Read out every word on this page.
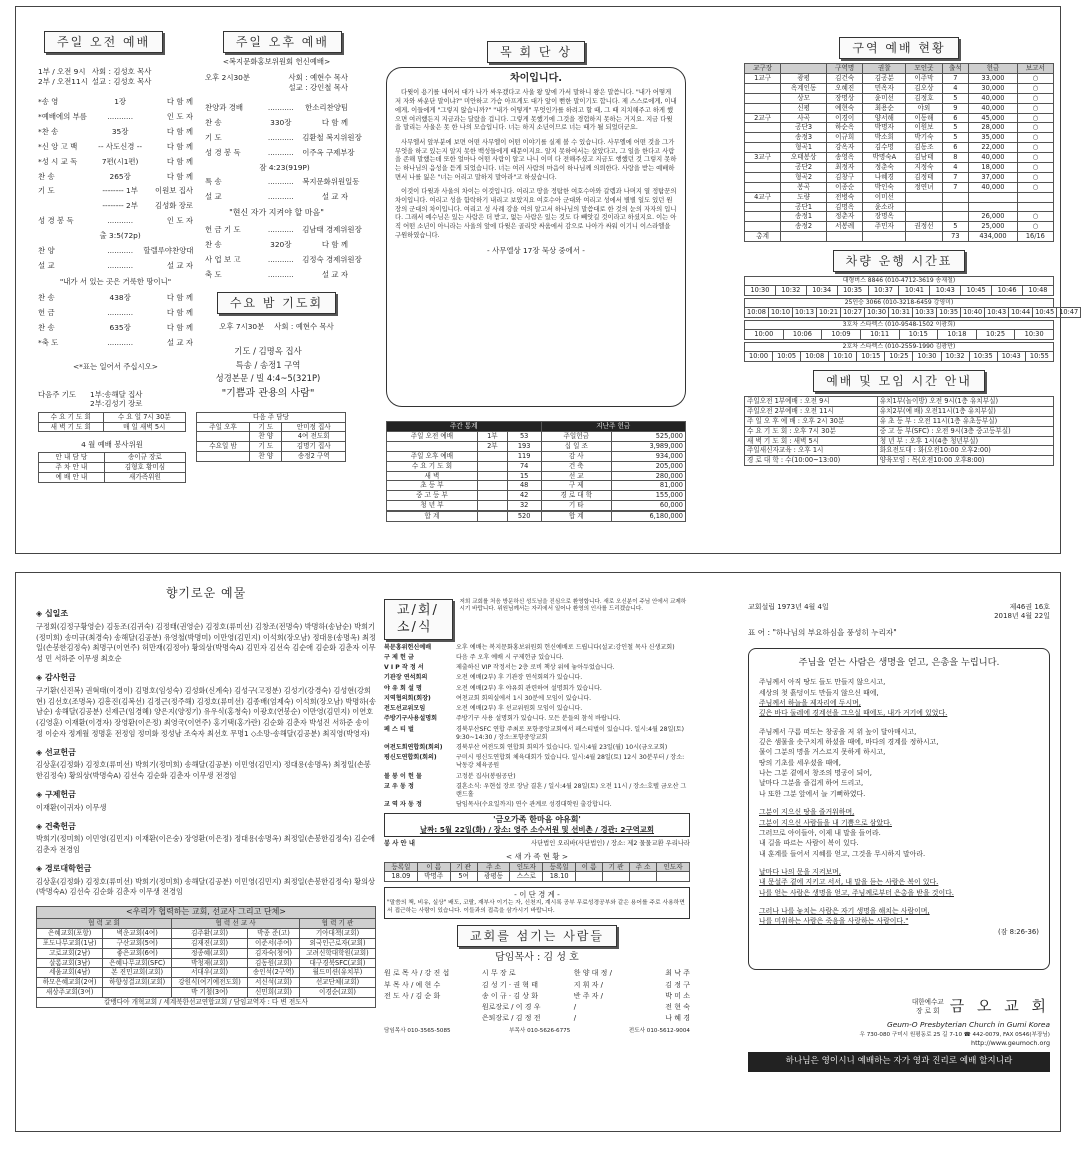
주일 오전 예배	주일 오후 예배
1부 / 오전 9시
2부 / 오전11시
사회 : 김성호 목사
설교 : 김성호 목사
*송 영	1장	다 함 께
*예배에의 부름	...........	인 도 자
*찬 송	35장	다 함 께
*신 앙 고 백	-- 사도신경 --	다 함 께
*성 시 교 독	7편(시1편)	다 함 께
찬 송	265장	다 함 께
기 도	-------- 1부	이원보 집사
-------- 2부	김성화 장로
성 경 봉 독	...........	인 도 자
출 3:5(72p)
찬 양	...........	할렐루야찬양대
설 교	...........	설 교 자
"내가 서 있는 곳은 거룩한 땅이니"
찬 송	438장	다 함 께
헌 금	...........	다 함 께
찬 송	635장	다 함 께
*축 도	...........	설 교 자
<*표는 일어서 주십시오>
다음주 기도 1부:송해달 집사
2부:김성기 장로
<복지문화홍보위원회 헌신예배>
오후 2시30분	사회 : 예현수 목사
설교 : 강인철 목사
찬양과 경배	...........	한소리찬양팀
찬 송	330장	다 함 께
기 도	...........	김환철 복지위원장
성 경 봉 독	...........	이주옥 구제부장
잠 4:23(919P)
특 송	...........	복지문화위원일동
설 교	...........	설 교 자
"현신 자가 지켜야 할 마음"
헌 금 기 도	...........	김남태 경제위원장
찬 송	320장	다 함 께
사 업 보 고	...........	김정숙 경제위원장
축 도	...........	설 교 자
수요 밤 기도회
오후 7시30분 사회 : 예현수 목사
기도 / 김명옥 집사
특송 / 송정1 구역
성경본문 / 빌 4:4~5(321P)
"기쁨과 관용의 사람"
수 요 기 도 회	수 요 일 7시 30분
새 벽 기 도 회	매 일 새벽 5시
4 월 예배 봉사위원
안 내 담 당	송이규 장로
주 차 안 내	김형호 황미심
예 배 안 내	새가족위원
다음 주 담당		
주일 오후	기 도	안미정 집사
	찬 양	4여 전도회
수요일 밤	기 도	김명기 집사
	찬 양	송정2 구역
목 회 단 상
차이입니다.

다윗이 용기를 내어서 대가 나가 싸우겠다고 사울 왕 앞에 가서 말하니 왕은 말씀니다. "내가 어떻게 저 자와 싸운단 말이냐?" 미안하고 가슴 아프게도 대가 앞이 뻔한 말이기도 합니다. 제 스스로에게, 이내에게, 이들에게 "그렇지 않습니까?" "내가 어떻게" 무엇인가를 하려고 할 때, 그 때 지치해주고 하게 했으면 여러했든지 지금과는 달랐을 겁니다. 그렇게 못했기에 그것을 경험하지 못하는 거지요. 지금 다윗을 말리는 사울은 못 한 나의 모습입니다. 너는 하지 소년이므로 너는 때가 될 되었더군요.

사무엘서 앞부분에 보면 어떤 사무엘이 어떤 이야기를 실제 볼 수 있습니다. 사무엘에 어떤 것을 그가 무엇을 하고 있는지 알지 못한 백성들에게 때문이지요. 알지 못하여서는 살았다고, 그 일을 한다고 사람을 존해 말했는데 또한 얼마나 어떤 사람이 알고 나니 이미 다 전해주셨고 지금도 행했던 것 그렇지 못하는 하나님의 음성을 듣게 되었습니다. 너는 여러 사람의 마음이 하나님께 의뢰한다. 사랑을 받는 예배하면서 나를 잃은 "너는 어리고 말하지 말아라"고 하셨습니다.

이것이 다윗과 사울의 차이는 이것입니다. 여리고 땅을 정탐한 여호수아와 갈렙과 나머지 열 정탐꾼의 차이입니다. 여리고 성을 함락하기 내리고 보았지요 여호수아 군대와 여리고 성에서 별별 일도 있던 원장의 군대의 차이입니다. 여리고 성 사례 강을 여의 알고서 하나님의 말씀대로 한 것의 눈의 자자의 입니다. 그래서 예수님은 있는 사람은 더 받고, 없는 사람은 있는 것도 다 빼앗길 것이라고 하셨지요. 이는 아직 어떤 소년이 아니라는 사울의 앞에 다윗은 골리앗 싸움에서 감으로 나아가 싸워 이기니 이스라엘을 구원하였습니다.

- 사무엘상 17장 묵상 중에서 -
주간 통계			지난주 헌금	
주일 오전 예배	1부	53	주일헌금	525,000
	2부	193	십 일 조	3,989,000
주일 오후 예배		119	감 사	934,000
수 요 기 도 회		74	건 축	205,000
새 벽		15	선 교	280,000
초 등 부		48	구 제	81,000
중 고 등 부		42	경 로 대 학	155,000
청 년 부		32	기 타	60,000

합 계		520	합 계	6,180,000
구역 예배 현황
교구장		구역명	권찰	모인곳	출석	헌금	보고서
1교구	광평	김건숙	김공분	이주막	7	33,000	○
	옥계인동	오혜진	민옥자	김오상	4	30,000	○
	상모	장명상	윤미선	김정호	5	40,000	○
	신평	예현숙	최용순	야외	9	40,000	○
2교구	사곡	이경이	양서해	이동해	6	45,000	○
	공단3	하순옥	박명자	이원보	5	28,000	○
	송정3	이규희	박소희	박기숙	5	35,000	○
	형곡1	강옥자	김수명	김동조	6	22,000	○
3교구	오태봉상	송영옥	박명숙A	김남태	8	40,000	○
	공단2	최정자	정춘숙	지정숙	4	18,000	○
	형곡2	김창구	나혜경	김정태	7	37,000	○
	봉곡	이종순	박인숙	정연녀	7	40,000	○
4교구	도량	전병숙	이미선				
	공단1	김명옥	윤소라				
	송정1	정춘자	장명옥			26,000	○
	송정2	서봉례	주민자	권정선	5	25,000	○
총계					73	434,000	16/16
차량 운행 시간표
대형버스 8846 (010-4712-3619 송재철)
10:30	10:32	10:34	10:35	10:37	10:41	10:43	10:45	10:46	10:48
25인승 3066 (010-3218-6459 강영미)
10:08	10:10	10:13	10:21	10:27	10:30	10:31	10:33	10:35	10:40	10:43	10:44	10:45	10:47
3호차 스타렉스 (010-9548-1502 이광희)
10:00	10:06	10:09	10:11	10:15	10:18	10:25	10:30
2호차 스타렉스 (010-2559-1990 김광만)
10:00	10:05	10:08	10:10	10:15	10:25	10:30	10:32	10:35	10:43	10:55
예배 및 모임 시간 안내
주일오전 1부예배 : 오전 9시	유치1부(놀이방) 오전 9시(1층 유치부실)
주일오전 2부예배 : 오전 11시	유치2부(예 배) 오전11시(1층 유치부실)
주 일 오 후 예 배 : 오후 2시 30분	유 초 등 부 : 오전 11시(1층 유초등부실)
수 요 기 도 회 : 오후 7시 30분	중 고 등 부(SFC) : 오전 9시(3층 중고등부실)
새 벽 기 도 회 : 새벽 5시	청 년 부 : 오후 1시(4층 청년부실)
주일새신자교육 : 오후 1시	화요전도대 : 화(오전10:00 오후2:00)
경 로 대 학 : 수(10:00~13:00)	양육모임 : 목(오전10:00 오후8:00)
향기로운 예물
◈ 십일조
구정회(김정구황영순) 김동조(김귀숙) 김정태(권영순) 김정호(류미선) 김창조(전명숙) 박명하(송남순) 박희기(정미희) 송미규(최경숙) 송해달(김공분) 유영철(박명미) 이만영(김민지) 이석희(장오남) 정대용(송명옥) 최정일(손봉한김정숙) 최명구(이연주) 허만재(김정아) 황의상(박명숙A) 김민자 김선숙 김순애 김순화 김춘자 이무성 민 서하준 이무생 최호순
◈ 감사헌금
구기환(신진복) 권혁태(이경이) 김명호(임성숙) 김성화(신계숙) 김성구(고정분) 김성기(강경숙) 김성현(강희현) 김선호(조명옥) 김흥진(김복선) 김정근(정주해) 김정호(류미선) 김종배(엄제숙) 이석희(장오남) 박명하(송남순) 송해달(김공분) 신제근(임경혜) 양은지(양정기) 유우식(홍청숙) 이광호(연봉순) 이만영(김민지) 이연호(김영훈) 이재환(이경자) 장영환(이은정) 최영국(이연주) 홍기택(홍가란) 김순화 김춘자 박성진 서하준 송이정 이순자 정계월 정명훈 전정임 정미화 정성남 조숙자 최선호 무명1 ◇소망-송해달(김공분) 최직영(박영자)
◈ 선교헌금
김상훈(김정화) 김정호(류미선) 박희기(정미희) 송해달(김공분) 이민영(김민지) 정대용(송명옥) 최정일(손봉한김정숙) 황의상(박명숙A) 김선숙 김순화 김춘자 이무생 전경임
◈ 구제헌금
이재환(이귀자) 이무생
◈ 건축헌금
박희기(정미희) 이민영(김민지) 이재환(이은숭) 장영환(이은정) 정대용(송명옥) 최정일(손봉한김정숙) 김순애 김춘자 전경임
◈ 경로대학헌금
김상훈(김정화) 김정호(류미선) 박희기(정미희) 송해달(김공분) 이민영(김민지) 최정일(손봉한김정숙) 황의상(박명숙A) 김선숙 김순화 김춘자 이무생 전경임
<우리가 협력하는 교회, 선교사 그리고 단체>				
협 력 교 회		협 력 선 교 사		협 력 기 관
은혜교회(포항)	벽운교회(4여)	김주환(교회)	박종 준(고)	기아대책(교회)
포도나무교회(1남)	구산교회(5여)	김재진(교회)	이준서(주여)	외국인근로자(교회)
고로교회(2남)	좋은교회(6여)	정종혜(교회)	김자숙(청여)	고려신학대학원(교회)
살롬교회(3남)	은혜나무교회(SFC)	박청재(교회)	김동원(교회)	대구경북SFC(교회)
세움교회(4남)	본 진민교회(교회)	서대우(교회)	송인석(2구역)	월드미션(유치부)
하모은혜교회(2여)	하향성결교회(교회)	강원식(여기예전도회)	서신석(교회)	선교단체(교회)
새상주교회(3여)		박 기철(3여)	신민희(교회)	이경순(교회)
칼뱅다아 개혁교회 / 세계북한선교연합교회 / 담임교역자 : 다 변 전도사				
교/회/소/식
저희 교회를 처음 방문하신 성도님을 진심으로 환영합니다. 새로 오신분이 주님 안에서 교제하시기 바랍니다. 위원님께서는 자리에서 일어나 환영의 인사를 드리겠습니다.
복문홍위헌신예배	오후 예배는 복지문화홍보위원회 헌신예배로 드립니다(설교:강인철 목사 신생교회)
구 제 헌 금	다음 주 오후 예배 시 구제헌금 있습니다.
V I P 작 정 서	제출하신 VIP 작정서는 2층 로비 책상 위에 놓아두었습니다.
기관장 연석회의	오전 예배(2부) 후 기관장 연석회의가 있습니다.
야 유 회 설 명	오전 예배(2부) 후 야유회 관련하여 설명회가 있습니다.
지역협의회(회장)	여천교회 회의실에서 1시 30분에 모임이 있습니다.
전도선교위모임	오전 예배(2부) 후 선교위원회 모임이 있습니다.
주방기구사용설명회	주방기구 사용 설명회가 있습니다. 모든 분들의 참석 바랍니다.
페 스 티 벌	경북부산SFC 연합 주최로 포항중앙교회에서 페스티벌이 있습니다. 일시:4월 28일(토) 9:30~14:30 / 장소:포항중앙교회
여전도회연합회(회의)	경북부산 여전도회 연합회 회의가 있습니다. 일시:4월 23일(월) 10시(금오교회)
평신도연합회(회의)	구미시 평신도연합회 체육대회가 있습니다. 일시:4월 28일(토) 12시 30분부터 / 장소:낙동강 체육공원
볼 봉 이 헌 물	고정분 집사(봉림공단)
교 우 동 정	결혼소식: 우현섭 장로 장남 결혼 / 일시:4월 28일(토) 오전 11시 / 장소:호텔 금오산 그랜드홀
교 역 자 동 정	담임목사(수요일까지) 연수 관계로 성경대학원 출강합니다.
'금오가족 한마음 야유회'
날짜: 5월 22일(화) / 장소: 영주 소수서원 및 선비촌 / 경관: 2구역교회
봉 사 안 내	사단법인 오리바(사단법인) / 장소: 제2 물물교환 우리나라
< 새 가 족 현 황 >
등록일	이 름	기 관	주 소	인도자	등록일	이 름	기 관	주 소	인도자
18.09	박명주	5여	광평동	스스로	18.10				
- 이 단 경 계 -
"말씀의 책, 비유, 실상" 배도, 코랄, 재부사 이기는 자, 신천지, 계시록 공부 무료성경공부와 같은 용어를 주로 사용하면서 접근하는 사람이 있습니다. 이들과의 접촉을 삼가시기 바랍니다.
교회를 섬기는 사람들
담임목사 : 김 성 호
원 로 목 사 / 강 진 섭	시 무 장 로	한 양 대 정 /	최 낙 주
부 목 사 / 예 현 수	김 성 기 · 권 혁 태	지 휘 자 /	김 정 구
전 도 사 / 김 순 화	송 이 규 · 김 상 화	반 주 자 /	박 미 소
원로장로 / 이 경 우	/	전 현 숙
은퇴장로 / 김 정 전	/	나 혜 경
담임목사 010-3565-5085	부목사 010-5626-6775	전도사 010-5612-9004
교회설립 1973년 4월 4일	제46권 16호
2018년 4월 22일
표 어 : "하나님의 부요하심을 풍성히 누리자"
주님을 얻는 사람은 생명을 얻고, 은총을 누립니다.
주님께서 아직 땅도 들도 만들지 않으시고,
세상의 첫 흙덩이도 만들지 않으신 때에,
주님께서 하늘을 제자리에 두시며,
깊은 바다 둘레에 경계선을 그으실 때에도, 내가 거기에 있었다.
주님께서 구름 떠도는 창공을 저 위 높이 달아매시고,
깊은 샘물을 솟구치게 하셨을 때에, 바다의 경계를 정하시고,
물이 그분의 명을 거스르지 못하게 하시고,
땅의 기초를 세우셨을 때에,
나는 그분 곁에서 창조의 명공이 되어,
날마다 그분을 즐겁게 하여 드리고,
나 또한 그분 앞에서 늘 기뻐하였다.
그분이 지으신 땅을 즐거워하며,
그분이 지으신 사람들을 내 기쁨으로 삼았다.
그러므로 아이들아, 이제 내 말을 들어라.
내 길을 따르는 사람이 복이 있다.
내 훈계를 들어서 지혜를 얻고, 그것을 무시하지 말아라.
날마다 나의 문을 지켜보며,
내 문설주 곁에 지키고 서서, 내 말을 듣는 사람은 복이 있다.
나를 얻는 사람은 생명을 얻고, 주님께로부터 은총을 받을 것이다.
그러나 나를 놓치는 사람은 자기 생명을 해치는 사람이며,
나를 미워하는 사람은 죽음을 사랑하는 사람이다."
(잠 8:26-36)
대한예수교
장 로 회 금 오 교 회
Geum-O Presbyterian Church in Gumi Korea
우 730-080 구미시 원평동로 25 길 7-10 ☎ 442-0079, FAX 0546(부장님)
http://www.geumoch.org
하나님은 영이시니 예배하는 자가 영과 진리로 예배 할지니라
